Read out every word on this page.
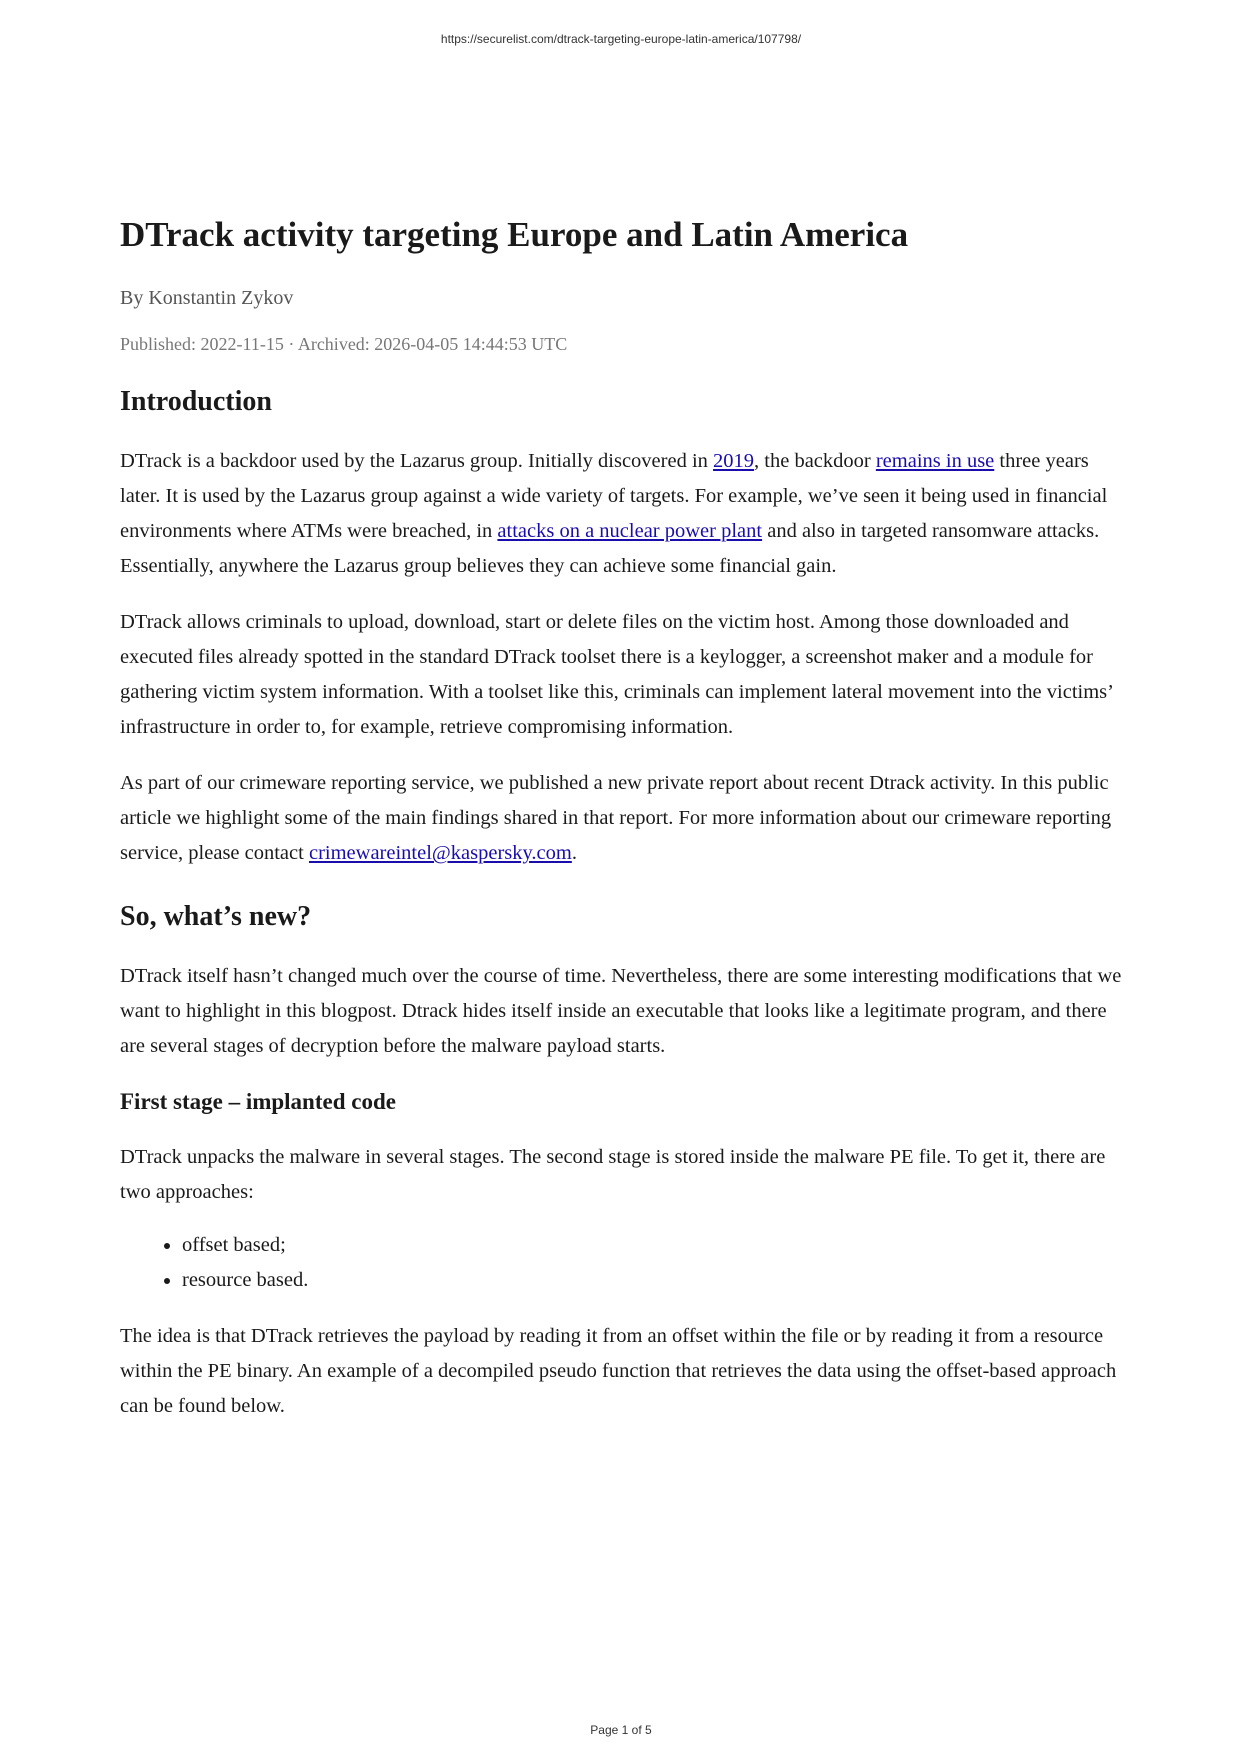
https://securelist.com/dtrack-targeting-europe-latin-america/107798/
DTrack activity targeting Europe and Latin America
By Konstantin Zykov
Published: 2022-11-15 · Archived: 2026-04-05 14:44:53 UTC
Introduction

DTrack is a backdoor used by the Lazarus group. Initially discovered in 2019, the backdoor remains in use three years later. It is used by the Lazarus group against a wide variety of targets. For example, we’ve seen it being used in financial environments where ATMs were breached, in attacks on a nuclear power plant and also in targeted ransomware attacks. Essentially, anywhere the Lazarus group believes they can achieve some financial gain.

DTrack allows criminals to upload, download, start or delete files on the victim host. Among those downloaded and executed files already spotted in the standard DTrack toolset there is a keylogger, a screenshot maker and a module for gathering victim system information. With a toolset like this, criminals can implement lateral movement into the victims’ infrastructure in order to, for example, retrieve compromising information.

As part of our crimeware reporting service, we published a new private report about recent Dtrack activity. In this public article we highlight some of the main findings shared in that report. For more information about our crimeware reporting service, please contact crimewareintel@kaspersky.com.

So, what’s new?

DTrack itself hasn’t changed much over the course of time. Nevertheless, there are some interesting modifications that we want to highlight in this blogpost. Dtrack hides itself inside an executable that looks like a legitimate program, and there are several stages of decryption before the malware payload starts.

First stage – implanted code

DTrack unpacks the malware in several stages. The second stage is stored inside the malware PE file. To get it, there are two approaches:

• offset based;
• resource based.

The idea is that DTrack retrieves the payload by reading it from an offset within the file or by reading it from a resource within the PE binary. An example of a decompiled pseudo function that retrieves the data using the offset-based approach can be found below.

Page 1 of 5
